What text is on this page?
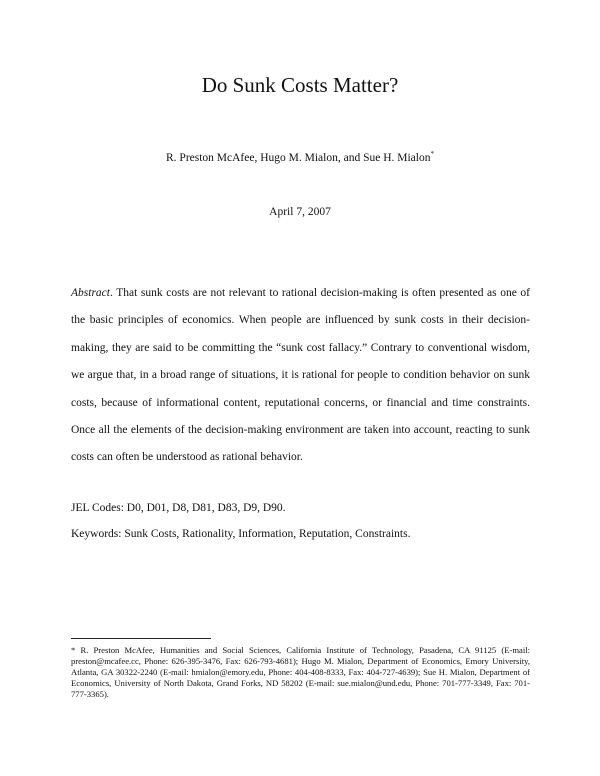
Do Sunk Costs Matter?
R. Preston McAfee, Hugo M. Mialon, and Sue H. Mialon*
April 7, 2007

Abstract. That sunk costs are not relevant to rational decision-making is often presented as one of the basic principles of economics. When people are influenced by sunk costs in their decision-making, they are said to be committing the “sunk cost fallacy.” Contrary to conventional wisdom, we argue that, in a broad range of situations, it is rational for people to condition behavior on sunk costs, because of informational content, reputational concerns, or financial and time constraints. Once all the elements of the decision-making environment are taken into account, reacting to sunk costs can often be understood as rational behavior.

JEL Codes: D0, D01, D8, D81, D83, D9, D90.
Keywords: Sunk Costs, Rationality, Information, Reputation, Constraints.

* R. Preston McAfee, Humanities and Social Sciences, California Institute of Technology, Pasadena, CA 91125 (E-mail: preston@mcafee.cc, Phone: 626-395-3476, Fax: 626-793-4681); Hugo M. Mialon, Department of Economics, Emory University, Atlanta, GA 30322-2240 (E-mail: hmialon@emory.edu, Phone: 404-408-8333, Fax: 404-727-4639); Sue H. Mialon, Department of Economics, University of North Dakota, Grand Forks, ND 58202 (E-mail: sue.mialon@und.edu, Phone: 701-777-3349, Fax: 701-777-3365).
